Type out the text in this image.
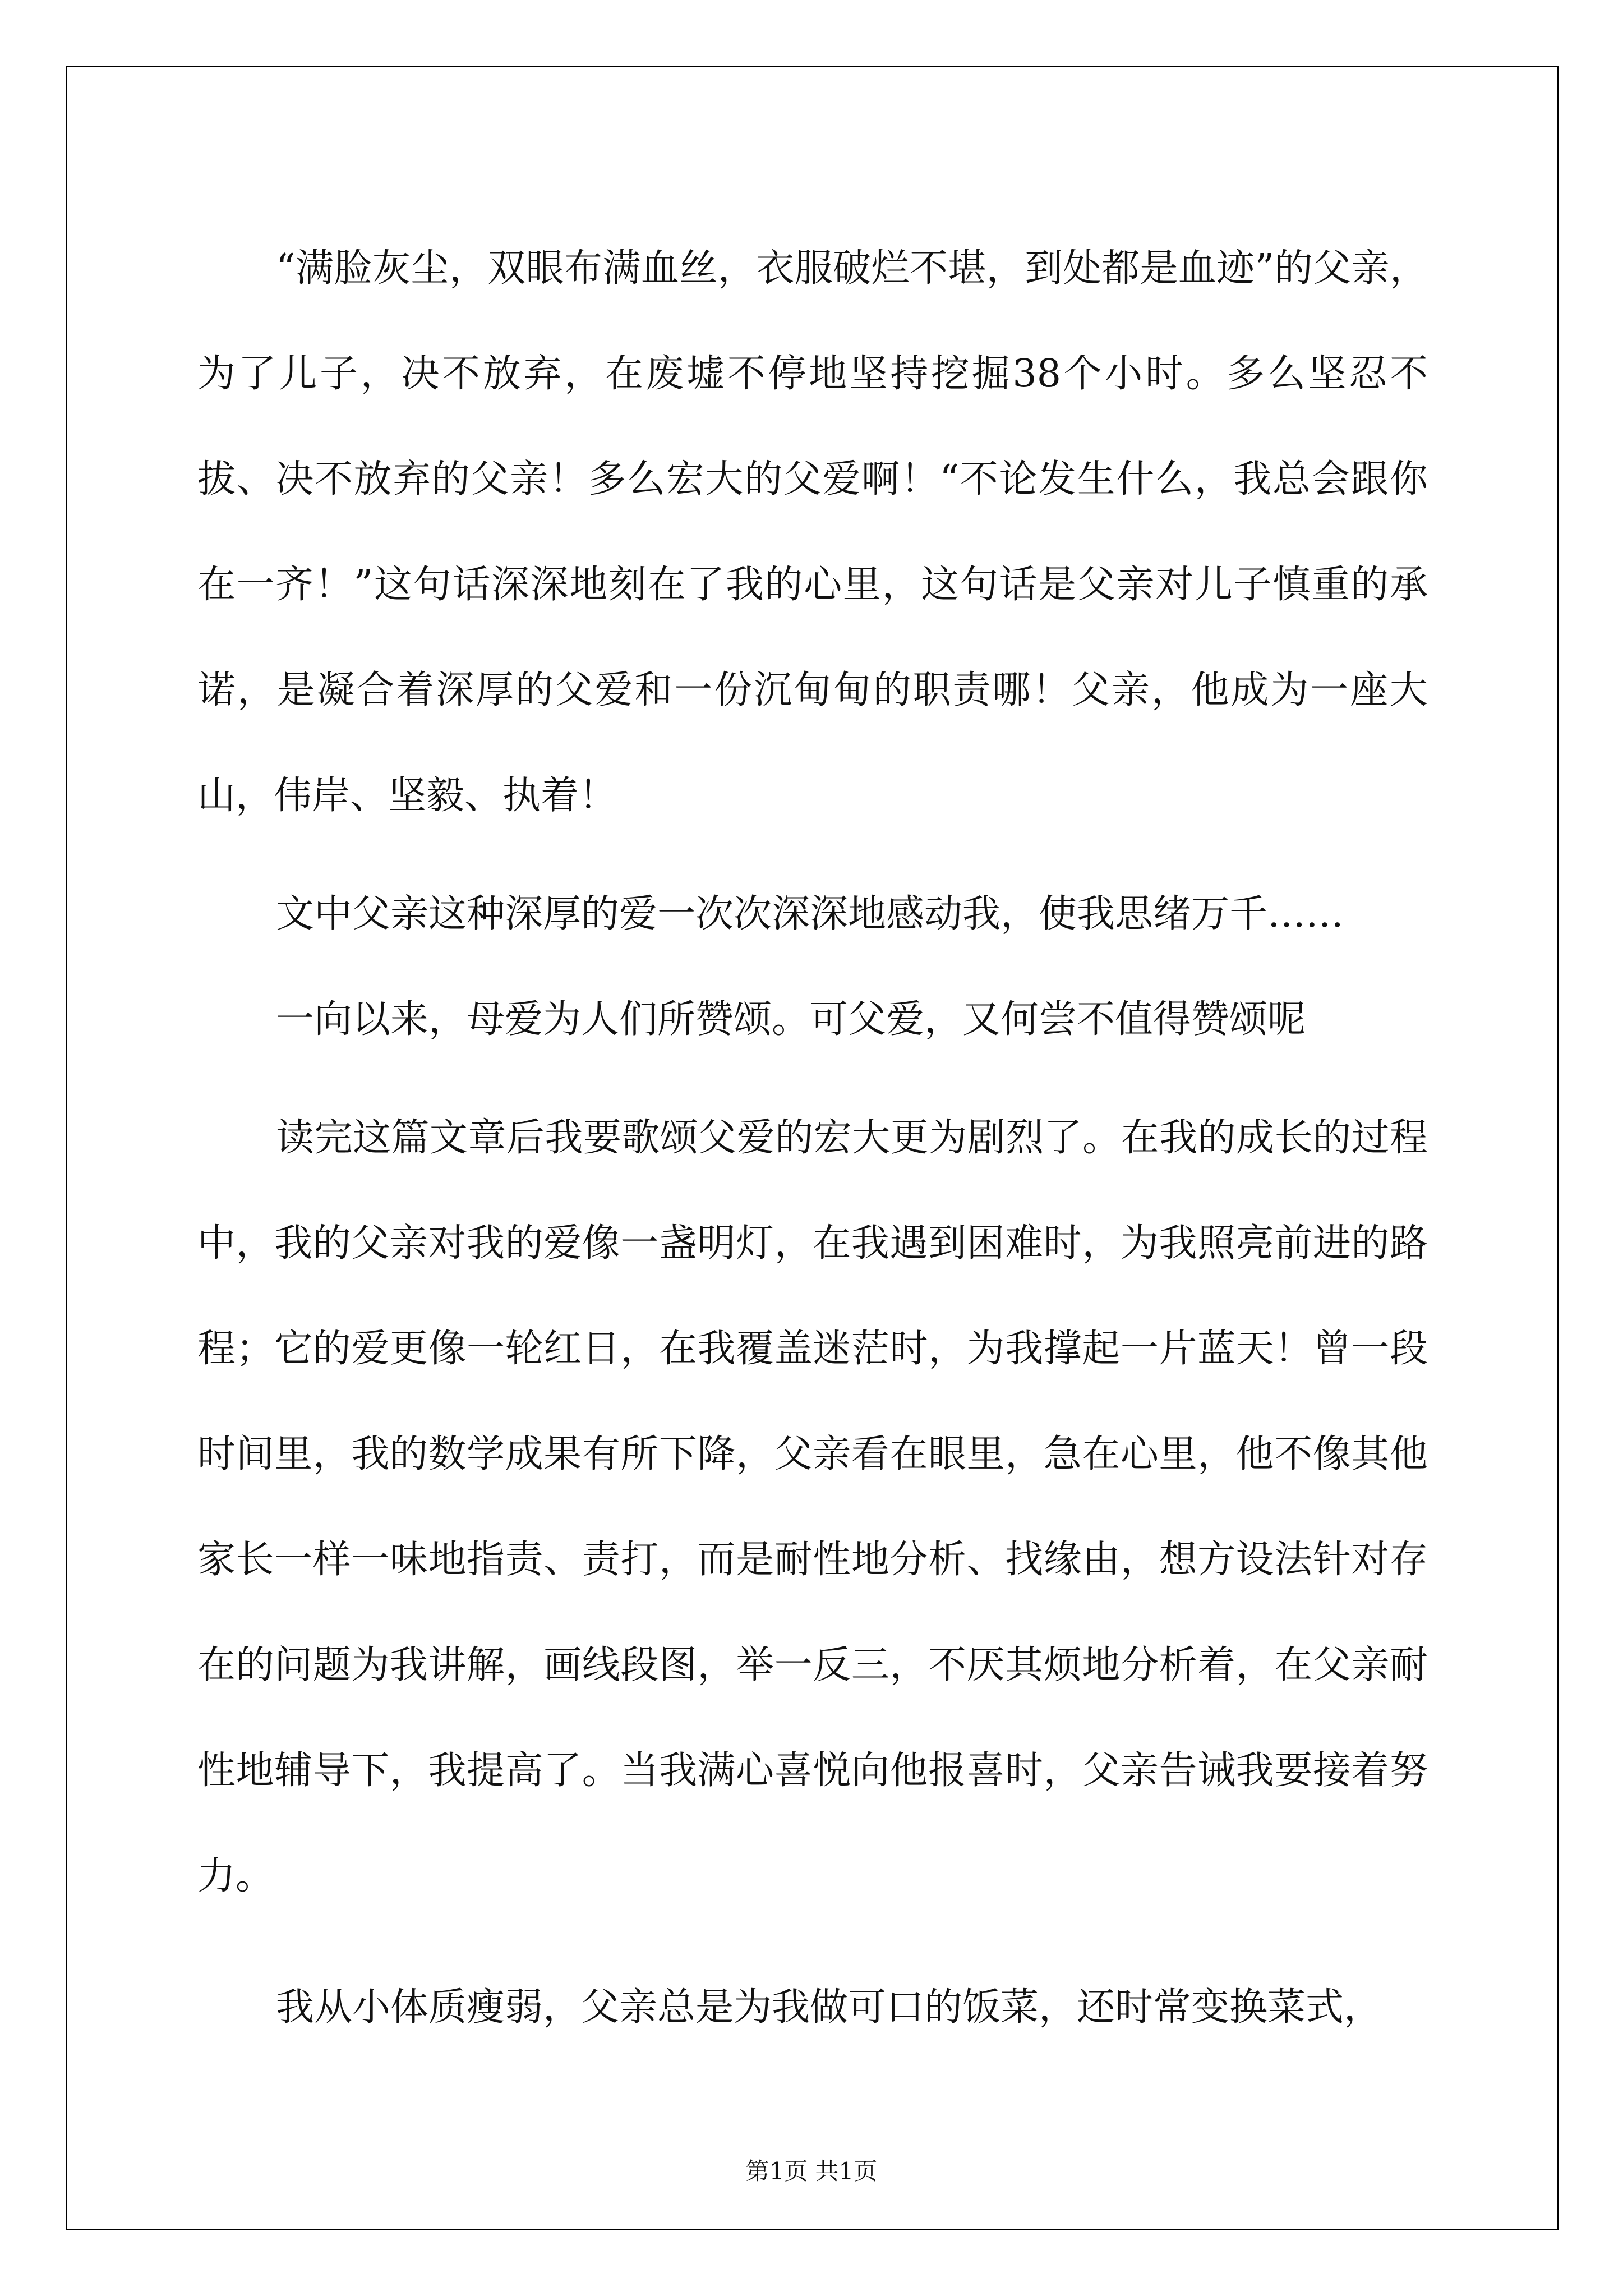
“满脸灰尘，双眼布满血丝，衣服破烂不堪，到处都是血迹”的父亲，为了儿子，决不放弃，在废墟不停地坚持挖掘38个小时。多么坚忍不拔、决不放弃的父亲！多么宏大的父爱啊！“不论发生什么，我总会跟你在一齐！”这句话深深地刻在了我的心里，这句话是父亲对儿子慎重的承诺，是凝合着深厚的父爱和一份沉甸甸的职责哪！父亲，他成为一座大山，伟岸、坚毅、执着！

文中父亲这种深厚的爱一次次深深地感动我，使我思绪万千……

一向以来，母爱为人们所赞颂。可父爱，又何尝不值得赞颂呢

读完这篇文章后我要歌颂父爱的宏大更为剧烈了。在我的成长的过程中，我的父亲对我的爱像一盏明灯，在我遇到困难时，为我照亮前进的路程；它的爱更像一轮红日，在我覆盖迷茫时，为我撑起一片蓝天！曾一段时间里，我的数学成果有所下降，父亲看在眼里，急在心里，他不像其他家长一样一味地指责、责打，而是耐性地分析、找缘由，想方设法针对存在的问题为我讲解，画线段图，举一反三，不厌其烦地分析着，在父亲耐性地辅导下，我提高了。当我满心喜悦向他报喜时，父亲告诫我要接着努力。

我从小体质瘦弱，父亲总是为我做可口的饭菜，还时常变换菜式，

第1页 共1页
